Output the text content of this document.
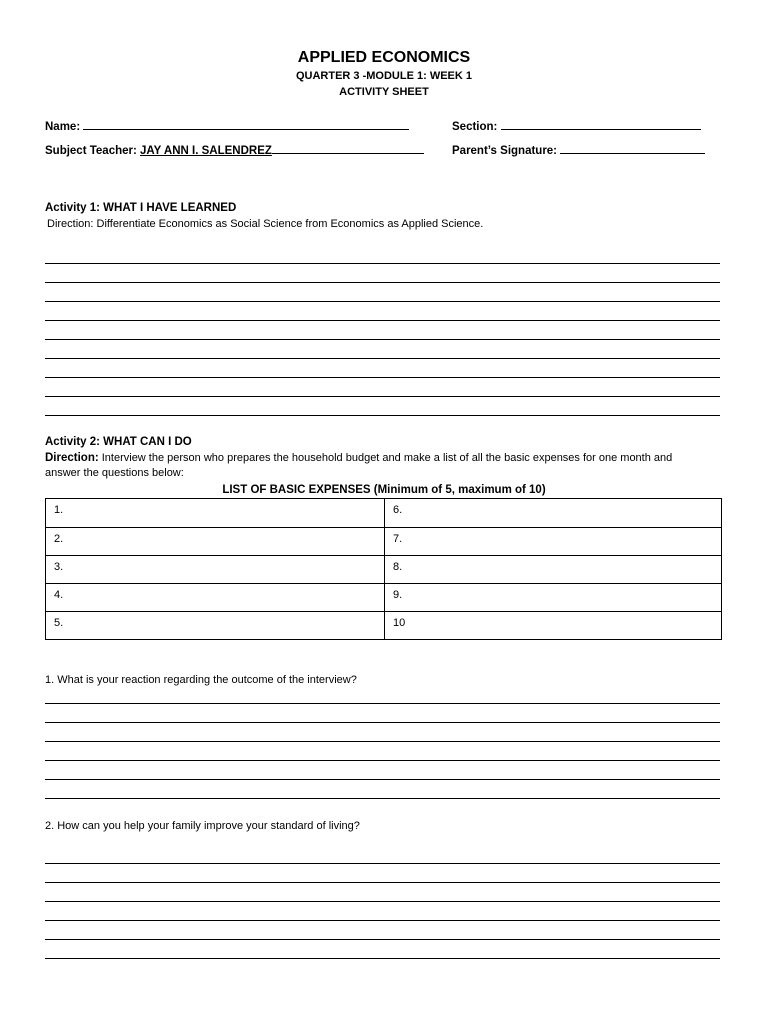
APPLIED ECONOMICS
QUARTER 3 -MODULE 1: WEEK 1
ACTIVITY SHEET
Name:	Section:
Subject Teacher: JAY ANN I. SALENDREZ	Parent’s Signature:
Activity 1: WHAT I HAVE LEARNED
Direction: Differentiate Economics as Social Science from Economics as Applied Science.
Activity 2: WHAT CAN I DO
Direction: Interview the person who prepares the household budget and make a list of all the basic expenses for one month and
answer the questions below:
LIST OF BASIC EXPENSES (Minimum of 5, maximum of 10)
1.	6.
2.	7.
3.	8.
4.	9.
5.	10
1. What is your reaction regarding the outcome of the interview?
2. How can you help your family improve your standard of living?
